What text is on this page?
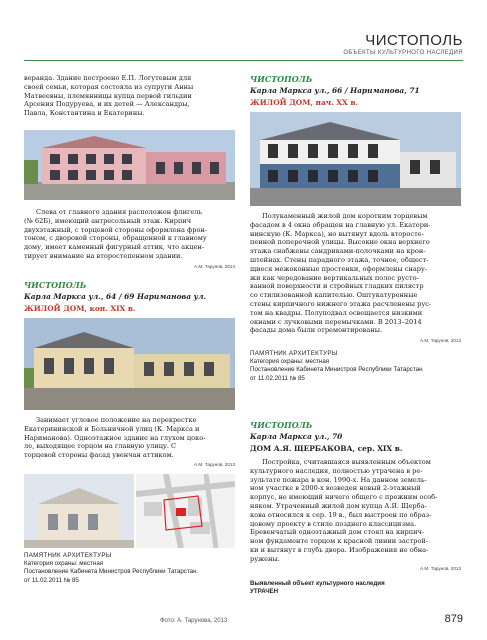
ЧИСТОПОЛЬ
ОБЪЕКТЫ КУЛЬТУРНОГО НАСЛЕДИЯ
веранда. Здание построено Е.П. Логутевым для
своей семьи, которая состояла из супруги Анны
Матвеевны, племянницы купца первой гильдии
Арсения Подуруева, и их детей — Александры,
Павла, Константина и Екатерины.
Слева от главного здания расположен флигель
(№ 62Б), имеющий антресольный этаж. Кирпич
двухэтажный, с торцевой стороны оформлена фрон-
тоном, с дворовой стороны, обращенной к главному
дому, имеет каменный фигурный аттик, что акцен-
тирует внимание на второстепенном здании.
А.М. Тарунов, 2013
ЧИСТОПОЛЬ
Карла Маркса ул., 64 / 69 Нариманова ул.
ЖИЛОЙ ДОМ, кон. XIX в.
Занимает угловое положение на перекрестке
Екатерининской и Больничной улиц (К. Маркса и
Нариманова). Одноэтажное здание на глухом цоко-
ле, выходящее торцом на главную улицу. С
торцевой стороны фасад увенчан аттиком.
А.М. Тарунов, 2013
ПАМЯТНИК АРХИТЕКТУРЫ
Категория охраны: местная
Постановление Кабинета Министров Республики Татарстан
от 11.02.2011 № 85
ЧИСТОПОЛЬ
Карла Маркса ул., 66 / Нариманова, 71
ЖИЛОЙ ДОМ, нач. XX в.
Полукаменный жилой дом коротким торцевым
фасадом в 4 окна обращен на главную ул. Екатери-
нинскую (К. Маркса), но вытянут вдоль второсте-
пенной поперечной улицы. Высокие окна верхнего
этажа снабжены сандриками-полочками на крон-
штейнах. Стены парадного этажа, точнее, общест-
щиеся межоконные простенки, оформлены снару-
жи как чередование вертикальных полос русто-
ванной поверхности и стройных гладких пилястр
со стилизованной капителью. Оштукатуренные
стены кирпичного нижнего этажа расчленены рус-
том на квадры. Полуподвал освещается низкими
окнами с лучковыми перемычками. В 2013–2014
фасады дома были отремонтированы.
А.М. Тарунов, 2013
ПАМЯТНИК АРХИТЕКТУРЫ
Категория охраны: местная
Постановление Кабинета Министров Республики Татарстан
от 11.02.2011 № 85
ЧИСТОПОЛЬ
Карла Маркса ул., 70
ДОМ А.Я. ЩЕРБАКОВА, сер. XIX в.
Постройка, считавшаяся выявленным объектом
культурного наследия, полностью утрачена в ре-
зультате пожара в кон. 1990-х. На данном земель-
ном участке в 2000-х возведен новый 2-этажный
корпус, не имеющий ничего общего с прежним особ-
няком. Утраченный жилой дом купца А.Я. Щерба-
кова относился к сер. 19 в., был выстроен по образ-
цовому проекту в стиле позднего классицизма.
Бревенчатый одноэтажный дом стоял на кирпич-
ном фундаменте торцом к красной линии застрой-
ки и вытянут в глубь двора. Изображения не обна-
ружены.
А.М. Тарунов, 2013
Выявленный объект культурного наследия
УТРАЧЕН
Фото: А. Тарунова, 2013	879
